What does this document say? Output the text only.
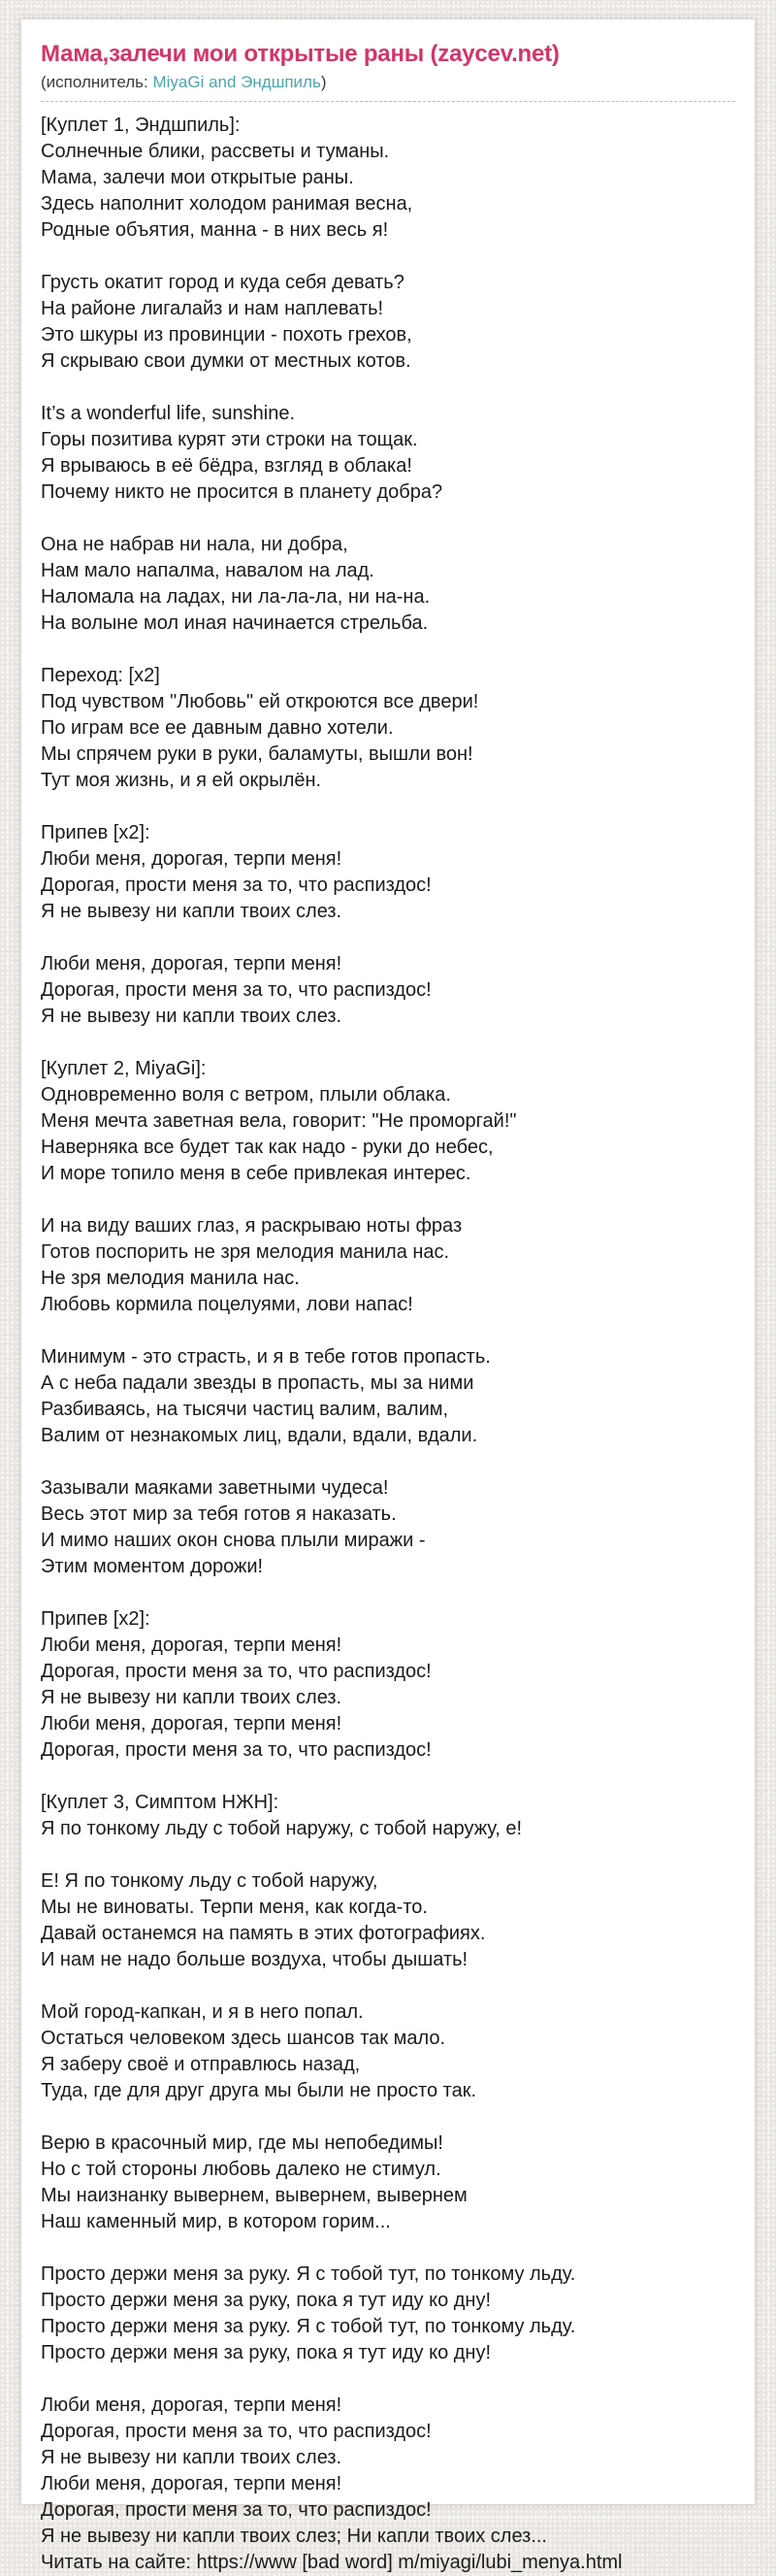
Мама,залечи мои открытые раны (zaycev.net)
(исполнитель: MiyaGi and Эндшпиль)
[Куплет 1, Эндшпиль]:
Солнечные блики, рассветы и туманы.
Мама, залечи мои открытые раны.
Здесь наполнит холодом ранимая весна,
Родные объятия, манна - в них весь я!
Грусть окатит город и куда себя девать?
На районе лигалайз и нам наплевать!
Это шкуры из провинции - похоть грехов,
Я скрываю свои думки от местных котов.
It’s a wonderful life, sunshine.
Горы позитива курят эти строки на тощак.
Я врываюсь в её бёдра, взгляд в облака!
Почему никто не просится в планету добра?
Она не набрав ни нала, ни добра,
Нам мало напалма, навалом на лад.
Наломала на ладах, ни ла-ла-ла, ни на-на.
На волыне мол иная начинается стрельба.
Переход: [x2]
Под чувством "Любовь" ей откроются все двери!
По играм все ее давным давно хотели.
Мы спрячем руки в руки, баламуты, вышли вон!
Тут моя жизнь, и я ей окрылён.
Припев [x2]:
Люби меня, дорогая, терпи меня!
Дорогая, прости меня за то, что распиздос!
Я не вывезу ни капли твоих слез.
Люби меня, дорогая, терпи меня!
Дорогая, прости меня за то, что распиздос!
Я не вывезу ни капли твоих слез.
[Куплет 2, MiyaGi]:
Одновременно воля с ветром, плыли облака.
Меня мечта заветная вела, говорит: "Не проморгай!"
Наверняка все будет так как надо - руки до небес,
И море топило меня в себе привлекая интерес.
И на виду ваших глаз, я раскрываю ноты фраз
Готов поспорить не зря мелодия манила нас.
Не зря мелодия манила нас.
Любовь кормила поцелуями, лови напас!
Минимум - это страсть, и я в тебе готов пропасть.
А с неба падали звезды в пропасть, мы за ними
Разбиваясь, на тысячи частиц валим, валим,
Валим от незнакомых лиц, вдали, вдали, вдали.
Зазывали маяками заветными чудеса!
Весь этот мир за тебя готов я наказать.
И мимо наших окон снова плыли миражи -
Этим моментом дорожи!
Припев [x2]:
Люби меня, дорогая, терпи меня!
Дорогая, прости меня за то, что распиздос!
Я не вывезу ни капли твоих слез.
Люби меня, дорогая, терпи меня!
Дорогая, прости меня за то, что распиздос!
[Куплет 3, Симптом НЖН]:
Я по тонкому льду с тобой наружу, с тобой наружу, е!
Е! Я по тонкому льду с тобой наружу,
Мы не виноваты. Терпи меня, как когда-то.
Давай останемся на память в этих фотографиях.
И нам не надо больше воздуха, чтобы дышать!
Мой город-капкан, и я в него попал.
Остаться человеком здесь шансов так мало.
Я заберу своё и отправлюсь назад,
Туда, где для друг друга мы были не просто так.
Верю в красочный мир, где мы непобедимы!
Но с той стороны любовь далеко не стимул.
Мы наизнанку вывернем, вывернем, вывернем
Наш каменный мир, в котором горим...
Просто держи меня за руку. Я с тобой тут, по тонкому льду.
Просто держи меня за руку, пока я тут иду ко дну!
Просто держи меня за руку. Я с тобой тут, по тонкому льду.
Просто держи меня за руку, пока я тут иду ко дну!
Люби меня, дорогая, терпи меня!
Дорогая, прости меня за то, что распиздос!
Я не вывезу ни капли твоих слез.
Люби меня, дорогая, терпи меня!
Дорогая, прости меня за то, что распиздос!
Я не вывезу ни капли твоих слез; Ни капли твоих слез...
Читать на сайте: https://www [bad word] m/miyagi/lubi_menya.html
